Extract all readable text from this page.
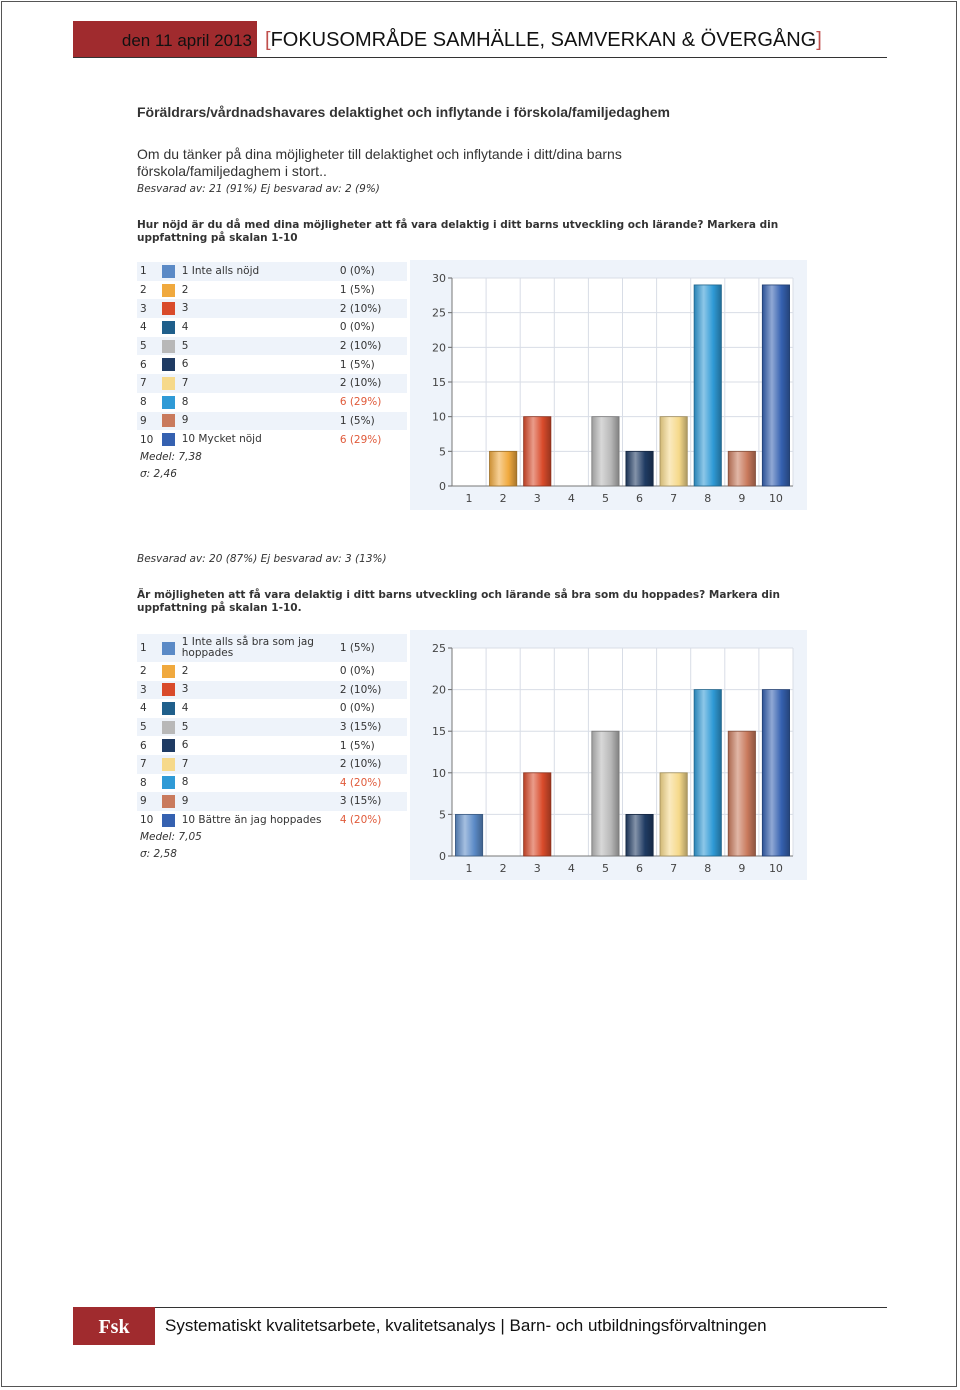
den 11 april 2013 [FOKUSOMRÅDE SAMHÄLLE, SAMVERKAN & ÖVERGÅNG]
Föräldrars/vårdnadshavares delaktighet och inflytande i förskola/familjedaghem
Om du tänker på dina möjligheter till delaktighet och inflytande i ditt/dina barns förskola/familjedaghem i stort..
Besvarad av: 21 (91%) Ej besvarad av: 2 (9%)
Hur nöjd är du då med dina möjligheter att få vara delaktig i ditt barns utveckling och lärande? Markera din uppfattning på skalan 1-10
1	1 Inte alls nöjd	0 (0%)
2	2	1 (5%)
3	3	2 (10%)
4	4	0 (0%)
5	5	2 (10%)
6	6	1 (5%)
7	7	2 (10%)
8	8	6 (29%)
9	9	1 (5%)
10	10 Mycket nöjd	6 (29%)
Medel: 7,38
σ: 2,46
0
5
10
15
20
25
30
1 2 3 4 5 6 7 8 9 10
Besvarad av: 20 (87%) Ej besvarad av: 3 (13%)
Är möjligheten att få vara delaktig i ditt barns utveckling och lärande så bra som du hoppades? Markera din uppfattning på skalan 1-10.
1	1 Inte alls så bra som jag hoppades	1 (5%)
2	2	0 (0%)
3	3	2 (10%)
4	4	0 (0%)
5	5	3 (15%)
6	6	1 (5%)
7	7	2 (10%)
8	8	4 (20%)
9	9	3 (15%)
10	10 Bättre än jag hoppades	4 (20%)
Medel: 7,05
σ: 2,58	0
5
10
15
20
25
1 2 3 4 5 6 7 8 9 10
Fsk	Systematiskt kvalitetsarbete, kvalitetsanalys | Barn- och utbildningsförvaltningen
